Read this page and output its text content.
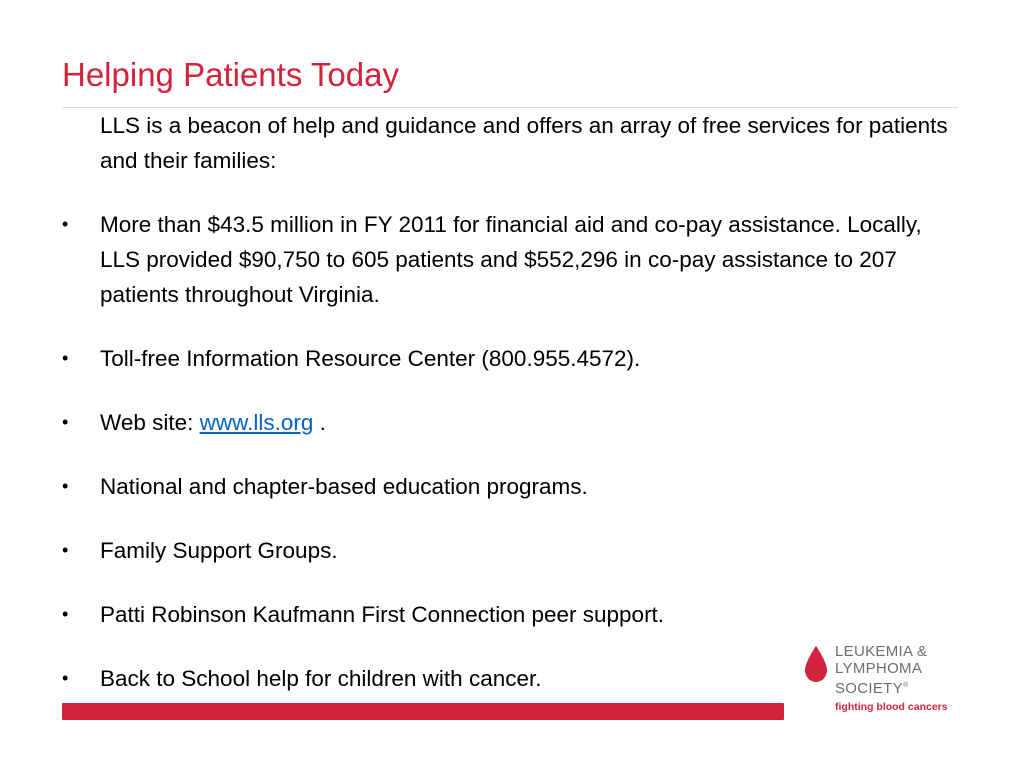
Helping Patients Today

LLS is a beacon of help and guidance and offers an array of free services for patients and their families:

•	More than $43.5 million in FY 2011 for financial aid and co-pay assistance. Locally, LLS provided $90,750 to 605 patients and $552,296 in co-pay assistance to 207 patients throughout Virginia.
•	Toll-free Information Resource Center (800.955.4572).
•	Web site: www.lls.org .
•	National and chapter-based education programs.
•	Family Support Groups.
•	Patti Robinson Kaufmann First Connection peer support.
•	Back to School help for children with cancer.
LEUKEMIA &
LYMPHOMA
SOCIETY®
fighting blood cancers
